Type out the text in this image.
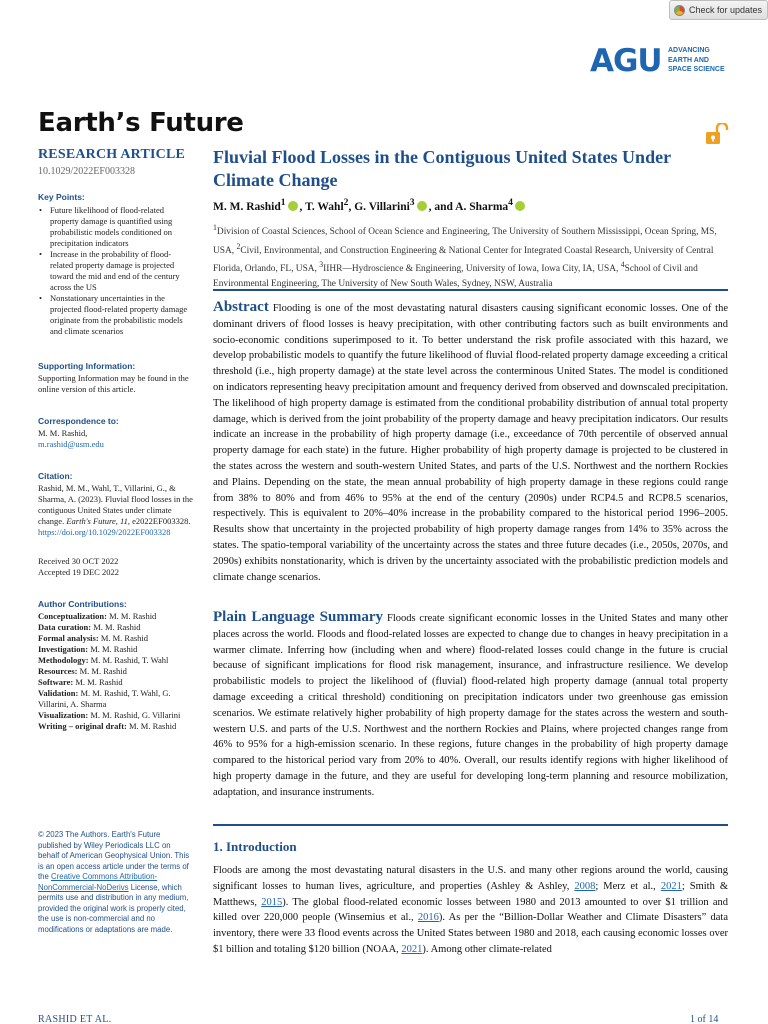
Check for updates
AGU ADVANCING
EARTH AND
SPACE SCIENCE
Earth’s Future
RESEARCH ARTICLE
10.1029/2022EF003328
Key Points:
• Future likelihood of flood-related property damage is quantified using probabilistic models conditioned on precipitation indicators
• Increase in the probability of flood-related property damage is projected toward the mid and end of the century across the US
• Nonstationary uncertainties in the projected flood-related property damage originate from the probabilistic models and climate scenarios
Supporting Information:
Supporting Information may be found in the online version of this article.
Correspondence to:
M. M. Rashid,
m.rashid@usm.edu
Citation:
Rashid, M. M., Wahl, T., Villarini, G., & Sharma, A. (2023). Fluvial flood losses in the contiguous United States under climate change. Earth's Future, 11, e2022EF003328. https://doi.org/10.1029/2022EF003328
Received 30 OCT 2022
Accepted 19 DEC 2022
Author Contributions:
Conceptualization: M. M. Rashid
Data curation: M. M. Rashid
Formal analysis: M. M. Rashid
Investigation: M. M. Rashid
Methodology: M. M. Rashid, T. Wahl
Resources: M. M. Rashid
Software: M. M. Rashid
Validation: M. M. Rashid, T. Wahl, G. Villarini, A. Sharma
Visualization: M. M. Rashid, G. Villarini
Writing – original draft: M. M. Rashid
© 2023 The Authors. Earth's Future published by Wiley Periodicals LLC on behalf of American Geophysical Union. This is an open access article under the terms of the Creative Commons Attribution-NonCommercial-NoDerivs License, which permits use and distribution in any medium, provided the original work is properly cited, the use is non-commercial and no modifications or adaptations are made.
Fluvial Flood Losses in the Contiguous United States Under
Climate Change
M. M. Rashid$^1$ , T. Wahl$^2$, G. Villarini$^3$ , and A. Sharma$^4$
$^1$Division of Coastal Sciences, School of Ocean Science and Engineering, The University of Southern Mississippi, Ocean Spring, MS, USA, $^2$Civil, Environmental, and Construction Engineering & National Center for Integrated Coastal Research, University of Central Florida, Orlando, FL, USA, $^3$IIHR—Hydroscience & Engineering, University of Iowa, Iowa City, IA, USA, $^4$School of Civil and Environmental Engineering, The University of New South Wales, Sydney, NSW, Australia
Abstract Flooding is one of the most devastating natural disasters causing significant economic losses. One of the dominant drivers of flood losses is heavy precipitation, with other contributing factors such as built environments and socio-economic conditions superimposed to it. To better understand the risk profile associated with this hazard, we develop probabilistic models to quantify the future likelihood of fluvial flood-related property damage exceeding a critical threshold (i.e., high property damage) at the state level across the conterminous United States. The model is conditioned on indicators representing heavy precipitation amount and frequency derived from observed and downscaled precipitation. The likelihood of high property damage is estimated from the conditional probability distribution of annual total property damage, which is derived from the joint probability of the property damage and heavy precipitation indicators. Our results indicate an increase in the probability of high property damage (i.e., exceedance of 70th percentile of observed annual property damage for each state) in the future. Higher probability of high property damage is projected to be clustered in the states across the western and south-western United States, and parts of the U.S. Northwest and the northern Rockies and Plains. Depending on the state, the mean annual probability of high property damage in these regions could range from 38% to 80% and from 46% to 95% at the end of the century (2090s) under RCP4.5 and RCP8.5 scenarios, respectively. This is equivalent to 20%–40% increase in the probability compared to the historical period 1996–2005. Results show that uncertainty in the projected probability of high property damage ranges from 14% to 35% across the states. The spatio-temporal variability of the uncertainty across the states and three future decades (i.e., 2050s, 2070s, and 2090s) exhibits nonstationarity, which is driven by the uncertainty associated with the probabilistic prediction models and climate change scenarios.
Plain Language Summary Floods create significant economic losses in the United States and many other places across the world. Floods and flood-related losses are expected to change due to changes in heavy precipitation in a warmer climate. Inferring how (including when and where) flood-related losses could change in the future is crucial because of significant implications for flood risk management, insurance, and infrastructure resilience. We develop probabilistic models to project the likelihood of (fluvial) flood-related high property damage (annual total property damage exceeding a critical threshold) conditioning on precipitation indicators under two greenhouse gas emission scenarios. We estimate relatively higher probability of high property damage for the states across the western and south-western U.S. and parts of the U.S. Northwest and the northern Rockies and Plains, where projected changes range from 46% to 95% for a high-emission scenario. In these regions, future changes in the probability of high property damage compared to the historical period vary from 20% to 40%. Overall, our results identify regions with higher likelihood of high property damage in the future, and they are useful for developing long-term planning and resource mobilization, adaptation, and insurance instruments.
1. Introduction
Floods are among the most devastating natural disasters in the U.S. and many other regions around the world, causing significant losses to human lives, agriculture, and properties (Ashley & Ashley, 2008; Merz et al., 2021; Smith & Matthews, 2015). The global flood-related economic losses between 1980 and 2013 amounted to over $1 trillion and killed over 220,000 people (Winsemius et al., 2016). As per the “Billion-Dollar Weather and Climate Disasters” data inventory, there were 33 flood events across the United States between 1980 and 2018, each causing economic losses over $1 billion and totaling $120 billion (NOAA, 2021). Among other climate-related
RASHID ET AL.	1 of 14
